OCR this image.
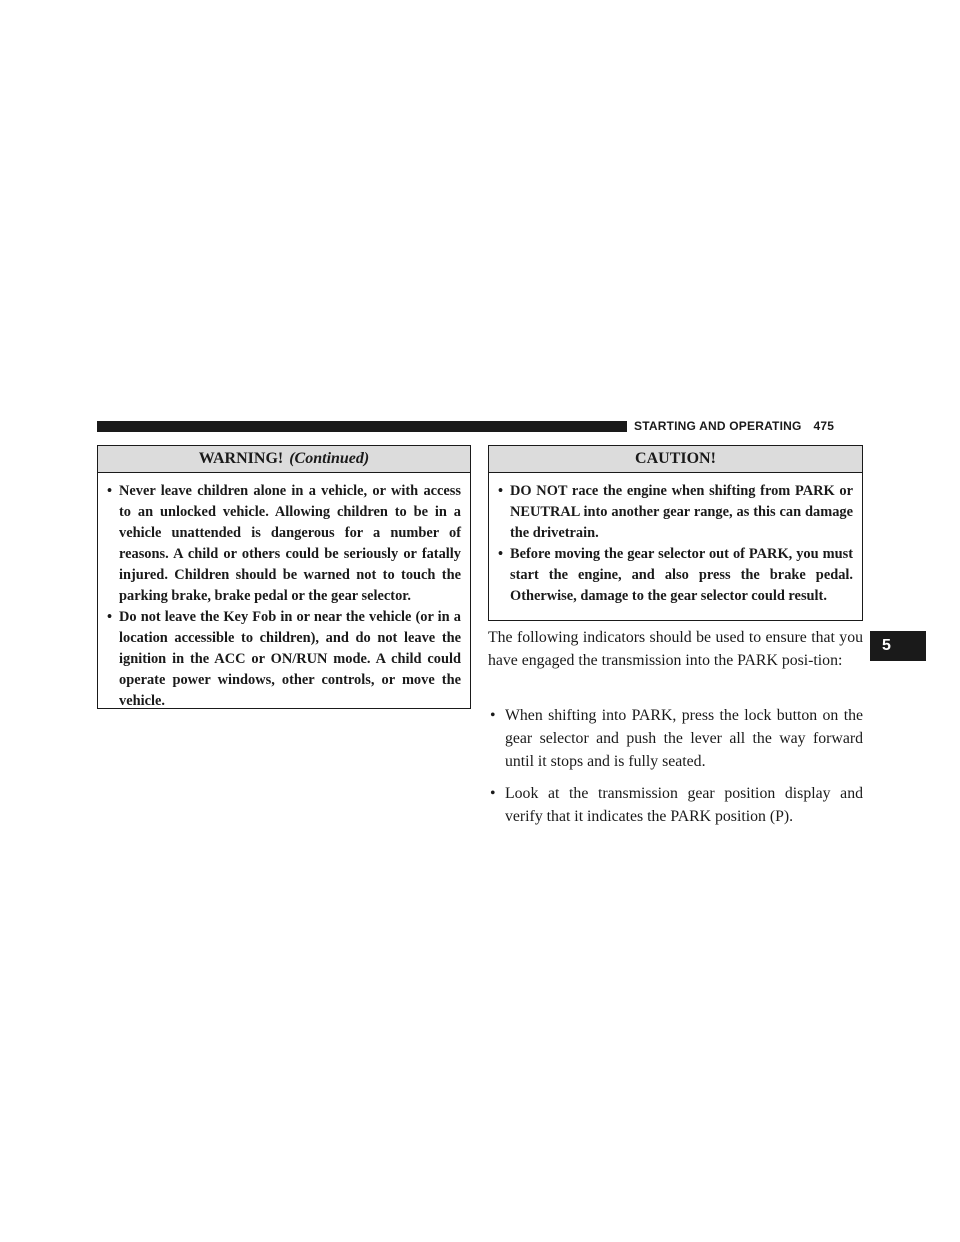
STARTING AND OPERATING 475
5
WARNING! (Continued)
• Never leave children alone in a vehicle, or with access to an unlocked vehicle. Allowing children to be in a vehicle unattended is dangerous for a number of reasons. A child or others could be seriously or fatally injured. Children should be warned not to touch the parking brake, brake pedal or the gear selector.
• Do not leave the Key Fob in or near the vehicle (or in a location accessible to children), and do not leave the ignition in the ACC or ON/RUN mode. A child could operate power windows, other controls, or move the vehicle.
CAUTION!
• DO NOT race the engine when shifting from PARK or NEUTRAL into another gear range, as this can damage the drivetrain.
• Before moving the gear selector out of PARK, you must start the engine, and also press the brake pedal. Otherwise, damage to the gear selector could result.

The following indicators should be used to ensure that you have engaged the transmission into the PARK posi-tion:

• When shifting into PARK, press the lock button on the gear selector and push the lever all the way forward until it stops and is fully seated.
• Look at the transmission gear position display and verify that it indicates the PARK position (P).
